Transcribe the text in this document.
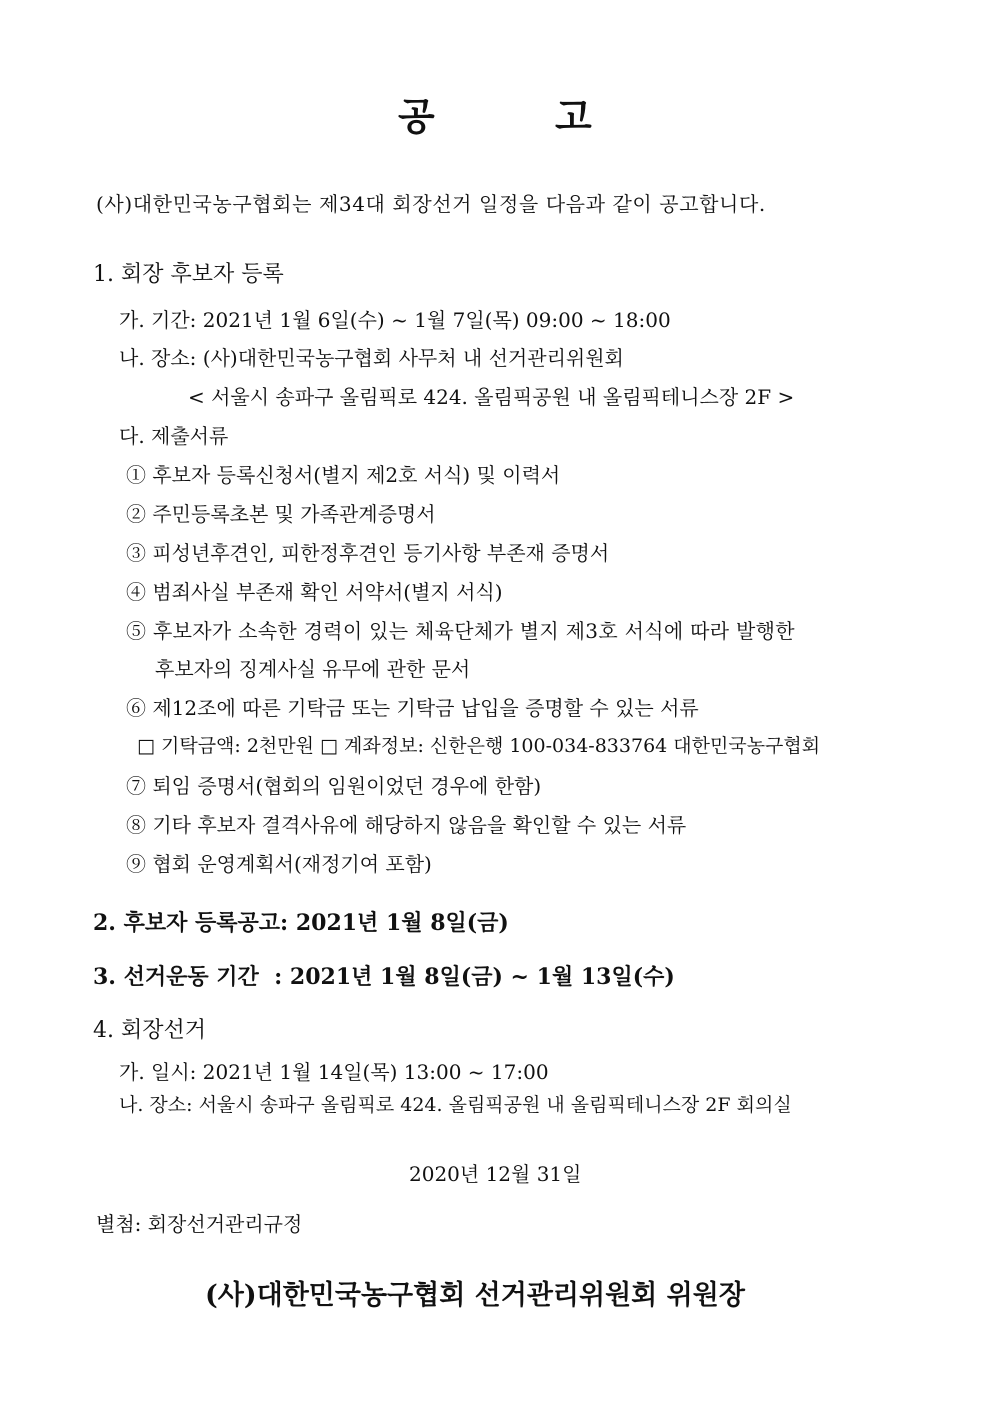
공	고
(사)대한민국농구협회는 제34대 회장선거 일정을 다음과 같이 공고합니다.
1. 회장 후보자 등록
가. 기간: 2021년 1월 6일(수) ~ 1월 7일(목) 09:00 ~ 18:00
나. 장소: (사)대한민국농구협회 사무처 내 선거관리위원회
< 서울시 송파구 올림픽로 424. 올림픽공원 내 올림픽테니스장 2F >
다. 제출서류
① 후보자 등록신청서(별지 제2호 서식) 및 이력서
② 주민등록초본 및 가족관계증명서
③ 피성년후견인, 피한정후견인 등기사항 부존재 증명서
④ 범죄사실 부존재 확인 서약서(별지 서식)
⑤ 후보자가 소속한 경력이 있는 체육단체가 별지 제3호 서식에 따라 발행한
후보자의 징계사실 유무에 관한 문서
⑥ 제12조에 따른 기탁금 또는 기탁금 납입을 증명할 수 있는 서류
□ 기탁금액: 2천만원 □ 계좌정보: 신한은행 100-034-833764 대한민국농구협회
⑦ 퇴임 증명서(협회의 임원이었던 경우에 한함)
⑧ 기타 후보자 결격사유에 해당하지 않음을 확인할 수 있는 서류
⑨ 협회 운영계획서(재정기여 포함)
2. 후보자 등록공고: 2021년 1월 8일(금)
3. 선거운동 기간  : 2021년 1월 8일(금) ~ 1월 13일(수)
4. 회장선거
가. 일시: 2021년 1월 14일(목) 13:00 ~ 17:00
나. 장소: 서울시 송파구 올림픽로 424. 올림픽공원 내 올림픽테니스장 2F 회의실
2020년 12월 31일
별첨: 회장선거관리규정
(사)대한민국농구협회 선거관리위원회 위원장
